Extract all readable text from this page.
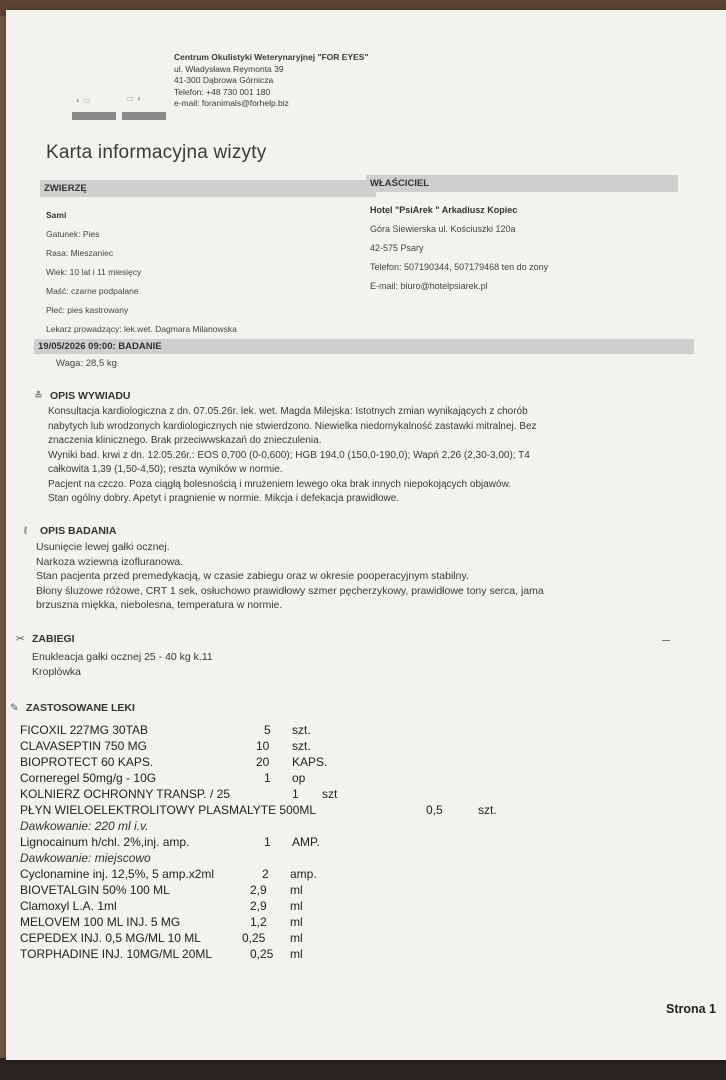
◐ ▭	▭ ◑
Centrum Okulistyki Weterynaryjnej "FOR EYES"
ul. Władysława Reymonta 39
41-300 Dąbrowa Górnicza
Telefon: +48 730 001 180
e-mail: foranimals@forhelp.biz
Karta informacyjna wizyty
ZWIERZĘ	WŁAŚCICIEL
Sami
Gatunek: Pies
Rasa: Mieszaniec
Wiek: 10 lat i 11 miesięcy
Maść: czarne podpalane
Płeć: pies kastrowany
Lekarz prowadzący: lek.wet. Dagmara Milanowska
Hotel "PsiArek " Arkadiusz Kopiec
Góra Siewierska ul. Kościuszki 120a
42-575 Psary
Telefon: 507190344, 507179468 ten do zony
E-mail: biuro@hotelpsiarek.pl
19/05/2026 09:00: BADANIE
Waga: 28,5 kg
≛ OPIS WYWIADU
Konsultacja kardiologiczna z dn. 07.05.26r. lek. wet. Magda Milejska: Istotnych zmian wynikających z chorób
nabytych lub wrodzonych kardiologicznych nie stwierdzono. Niewielka niedomykalność zastawki mitralnej. Bez
znaczenia klinicznego. Brak przeciwwskazań do znieczulenia.
Wyniki bad. krwi z dn. 12.05.26r.: EOS 0,700 (0-0,600); HGB 194,0 (150,0-190,0); Wapń 2,26 (2,30-3,00); T4
całkowita 1,39 (1,50-4,50); reszta wyników w normie.
Pacjent na czczo. Poza ciągłą bolesnością i mrużeniem lewego oka brak innych niepokojących objawów.
Stan ogólny dobry. Apetyt i pragnienie w normie. Mikcja i defekacja prawidłowe.
ℓ OPIS BADANIA
Usunięcie lewej gałki ocznej.
Narkoza wziewna izofluranowa.
Stan pacjenta przed premedykacją, w czasie zabiegu oraz w okresie pooperacyjnym stabilny.
Błony śluzowe różowe, CRT 1 sek, osłuchowo prawidłowy szmer pęcherzykowy, prawidłowe tony serca, jama
brzuszna miękka, niebolesna, temperatura w normie.
✂ ZABIEGI
Enukleacja gałki ocznej 25 - 40 kg k.11
Kroplówka
✎ ZASTOSOWANE LEKI
FICOXIL 227MG 30TAB	5 szt.
CLAVASEPTIN 750 MG	10 szt.
BIOPROTECT 60 KAPS.	20 KAPS.
Corneregel 50mg/g - 10G	1 op
KOLNIERZ OCHRONNY TRANSP. / 25	1 szt
PŁYN WIELOELEKTROLITOWY PLASMALYTE 500ML	0,5	szt.
Dawkowanie: 220 ml i.v.
Lignocainum h/chl. 2%,inj. amp.	1 AMP.
Dawkowanie: miejscowo
Cyclonamine inj. 12,5%, 5 amp.x2ml	2 amp.
BIOVETALGIN 50% 100 ML	2,9 ml
Clamoxyl L.A. 1ml	2,9 ml
MELOVEM 100 ML INJ. 5 MG	1,2 ml
CEPEDEX INJ. 0,5 MG/ML 10 ML	0,25 ml
TORPHADINE INJ. 10MG/ML 20ML	0,25 ml
Strona 1
